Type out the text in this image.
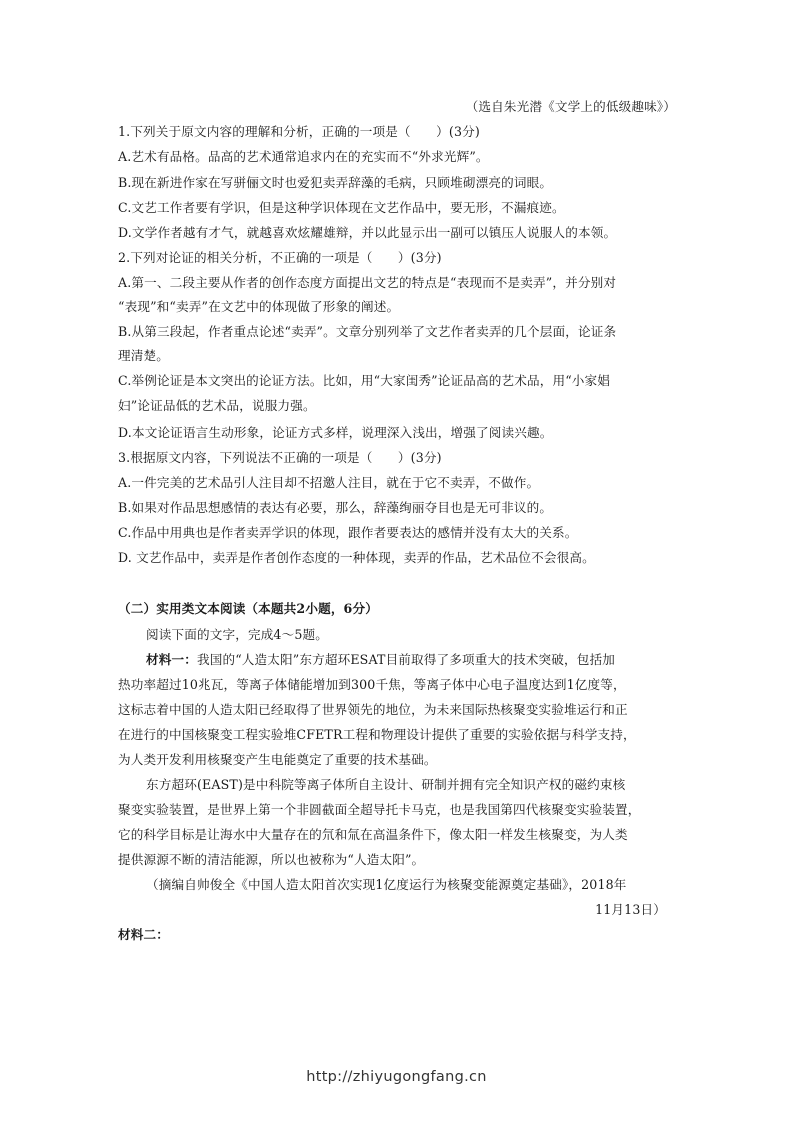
（选自朱光潜《文学上的低级趣味》）
1.下列关于原文内容的理解和分析，正确的一项是（　　）(3分)
A.艺术有品格。品高的艺术通常追求内在的充实而不“外求光辉”。
B.现在新进作家在写骈俪文时也爱犯卖弄辞藻的毛病，只顾堆砌漂亮的词眼。
C.文艺工作者要有学识，但是这种学识体现在文艺作品中，要无形，不漏痕迹。
D.文学作者越有才气，就越喜欢炫耀雄辩，并以此显示出一副可以镇压人说服人的本领。
2.下列对论证的相关分析，不正确的一项是（　　）(3分)
A.第一、二段主要从作者的创作态度方面提出文艺的特点是“表现而不是卖弄”，并分别对
“表现”和“卖弄”在文艺中的体现做了形象的阐述。
B.从第三段起，作者重点论述“卖弄”。文章分别列举了文艺作者卖弄的几个层面，论证条
理清楚。
C.举例论证是本文突出的论证方法。比如，用“大家闺秀”论证品高的艺术品，用“小家娼
妇”论证品低的艺术品，说服力强。
D.本文论证语言生动形象，论证方式多样，说理深入浅出，增强了阅读兴趣。
3.根据原文内容，下列说法不正确的一项是（　　）(3分)
A.一件完美的艺术品引人注目却不招邀人注目，就在于它不卖弄，不做作。
B.如果对作品思想感情的表达有必要，那么，辞藻绚丽夺目也是无可非议的。
C.作品中用典也是作者卖弄学识的体现，跟作者要表达的感情并没有太大的关系。
D. 文艺作品中，卖弄是作者创作态度的一种体现，卖弄的作品，艺术品位不会很高。
（二）实用类文本阅读（本题共2小题，6分）
阅读下面的文字，完成4～5题。
材料一：我国的“人造太阳”东方超环ESAT目前取得了多项重大的技术突破，包括加
热功率超过10兆瓦，等离子体储能增加到300千焦，等离子体中心电子温度达到1亿度等，
这标志着中国的人造太阳已经取得了世界领先的地位，为未来国际热核聚变实验堆运行和正
在进行的中国核聚变工程实验堆CFETR工程和物理设计提供了重要的实验依据与科学支持，
为人类开发利用核聚变产生电能奠定了重要的技术基础。
东方超环(EAST)是中科院等离子体所自主设计、研制并拥有完全知识产权的磁约束核
聚变实验装置，是世界上第一个非圆截面全超导托卡马克，也是我国第四代核聚变实验装置，
它的科学目标是让海水中大量存在的氘和氚在高温条件下，像太阳一样发生核聚变，为人类
提供源源不断的清洁能源，所以也被称为“人造太阳”。
（摘编自帅俊全《中国人造太阳首次实现1亿度运行为核聚变能源奠定基础》，2018年
11月13日）
材料二：
http://zhiyugongfang.cn
